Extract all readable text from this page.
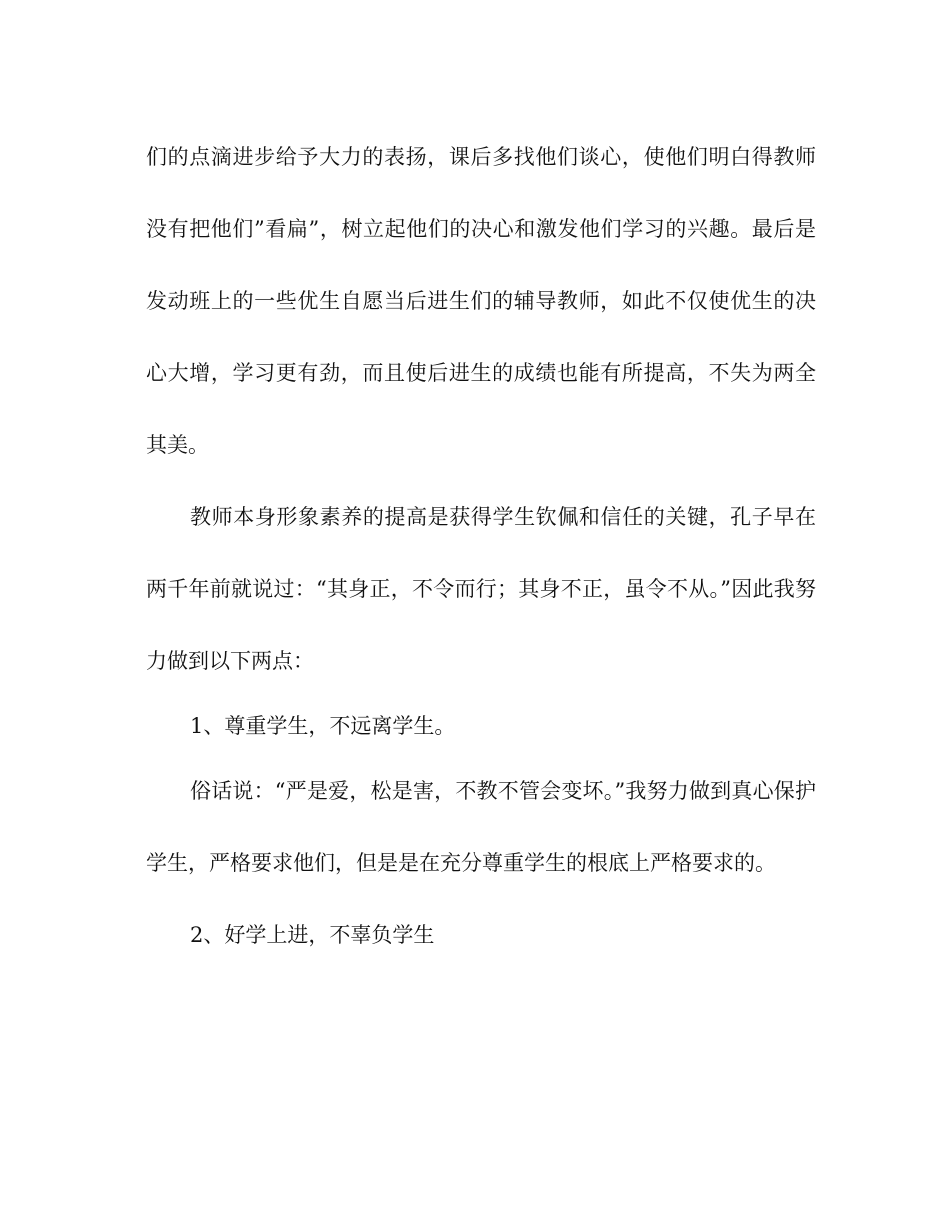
们的点滴进步给予大力的表扬，课后多找他们谈心，使他们明白得教师没有把他们”看扁”，树立起他们的决心和激发他们学习的兴趣。最后是发动班上的一些优生自愿当后进生们的辅导教师，如此不仅使优生的决心大增，学习更有劲，而且使后进生的成绩也能有所提高，不失为两全其美。

教师本身形象素养的提高是获得学生钦佩和信任的关键，孔子早在两千年前就说过：“其身正，不令而行；其身不正，虽令不从。”因此我努力做到以下两点：

1、尊重学生，不远离学生。

俗话说：“严是爱，松是害，不教不管会变坏。”我努力做到真心保护学生，严格要求他们，但是是在充分尊重学生的根底上严格要求的。

2、好学上进，不辜负学生
